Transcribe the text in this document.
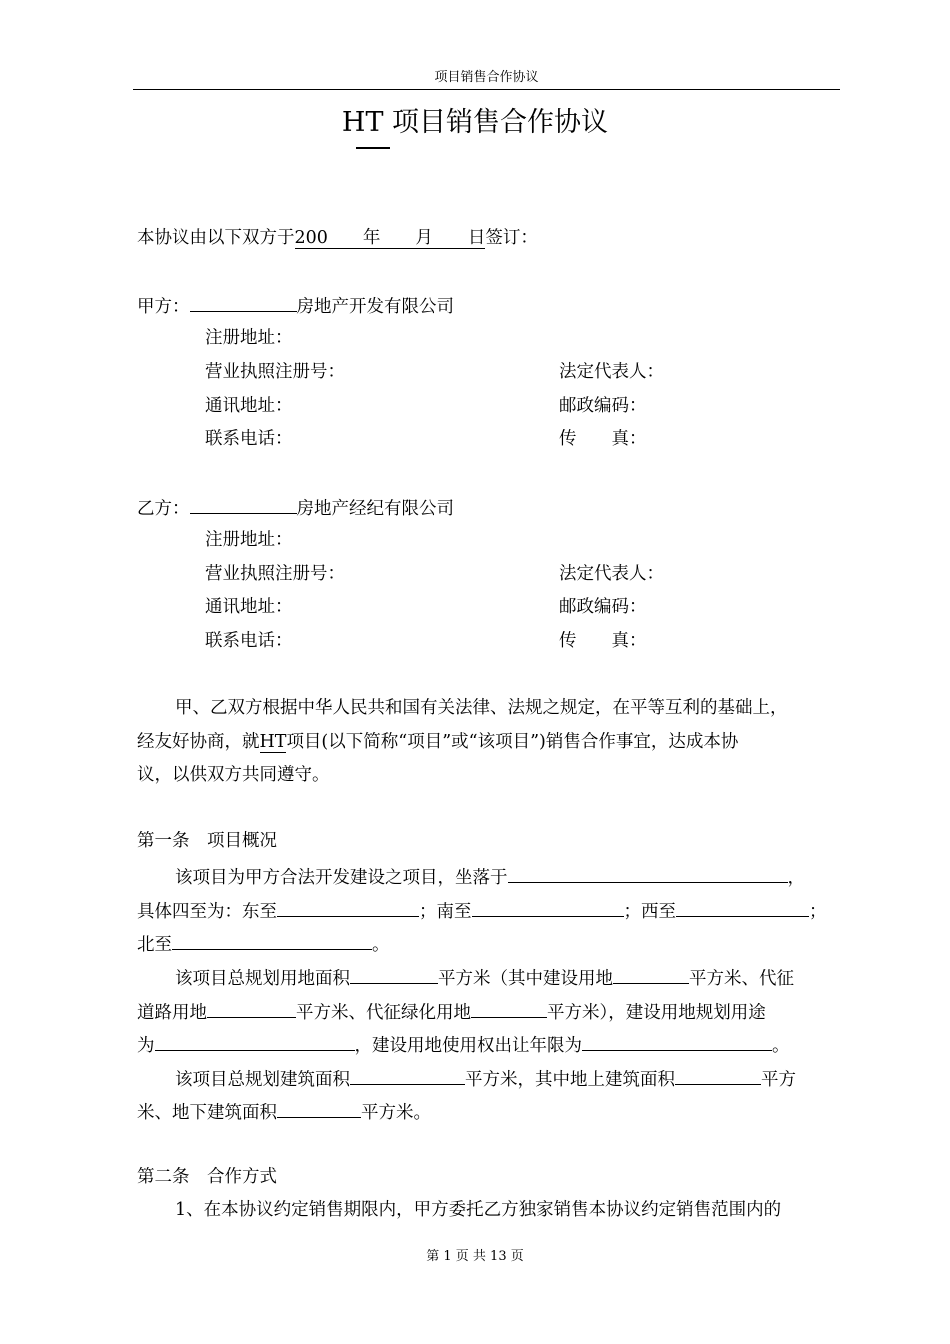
项目销售合作协议
HT 项目销售合作协议
本协议由以下双方于200　　年　　月　　日签订：
甲方：	房地产开发有限公司
注册地址：
营业执照注册号：	法定代表人：
通讯地址：	邮政编码：
联系电话：	传　　真：
乙方：	房地产经纪有限公司
注册地址：
营业执照注册号：	法定代表人：
通讯地址：	邮政编码：
联系电话：	传　　真：
甲、乙双方根据中华人民共和国有关法律、法规之规定，在平等互利的基础上，
经友好协商，就HT项目(以下简称“项目”或“该项目”)销售合作事宜，达成本协
议，以供双方共同遵守。
第一条　项目概况
该项目为甲方合法开发建设之项目，坐落于	，
具体四至为：东至	；南至	；西至	；
北至	。
该项目总规划用地面积	平方米（其中建设用地	平方米、代征
道路用地	平方米、代征绿化用地	平方米），建设用地规划用途
为	，建设用地使用权出让年限为	。
该项目总规划建筑面积	平方米，其中地上建筑面积	平方
米、地下建筑面积	平方米。
第二条　合作方式
1、在本协议约定销售期限内，甲方委托乙方独家销售本协议约定销售范围内的
第 1 页 共 13 页
